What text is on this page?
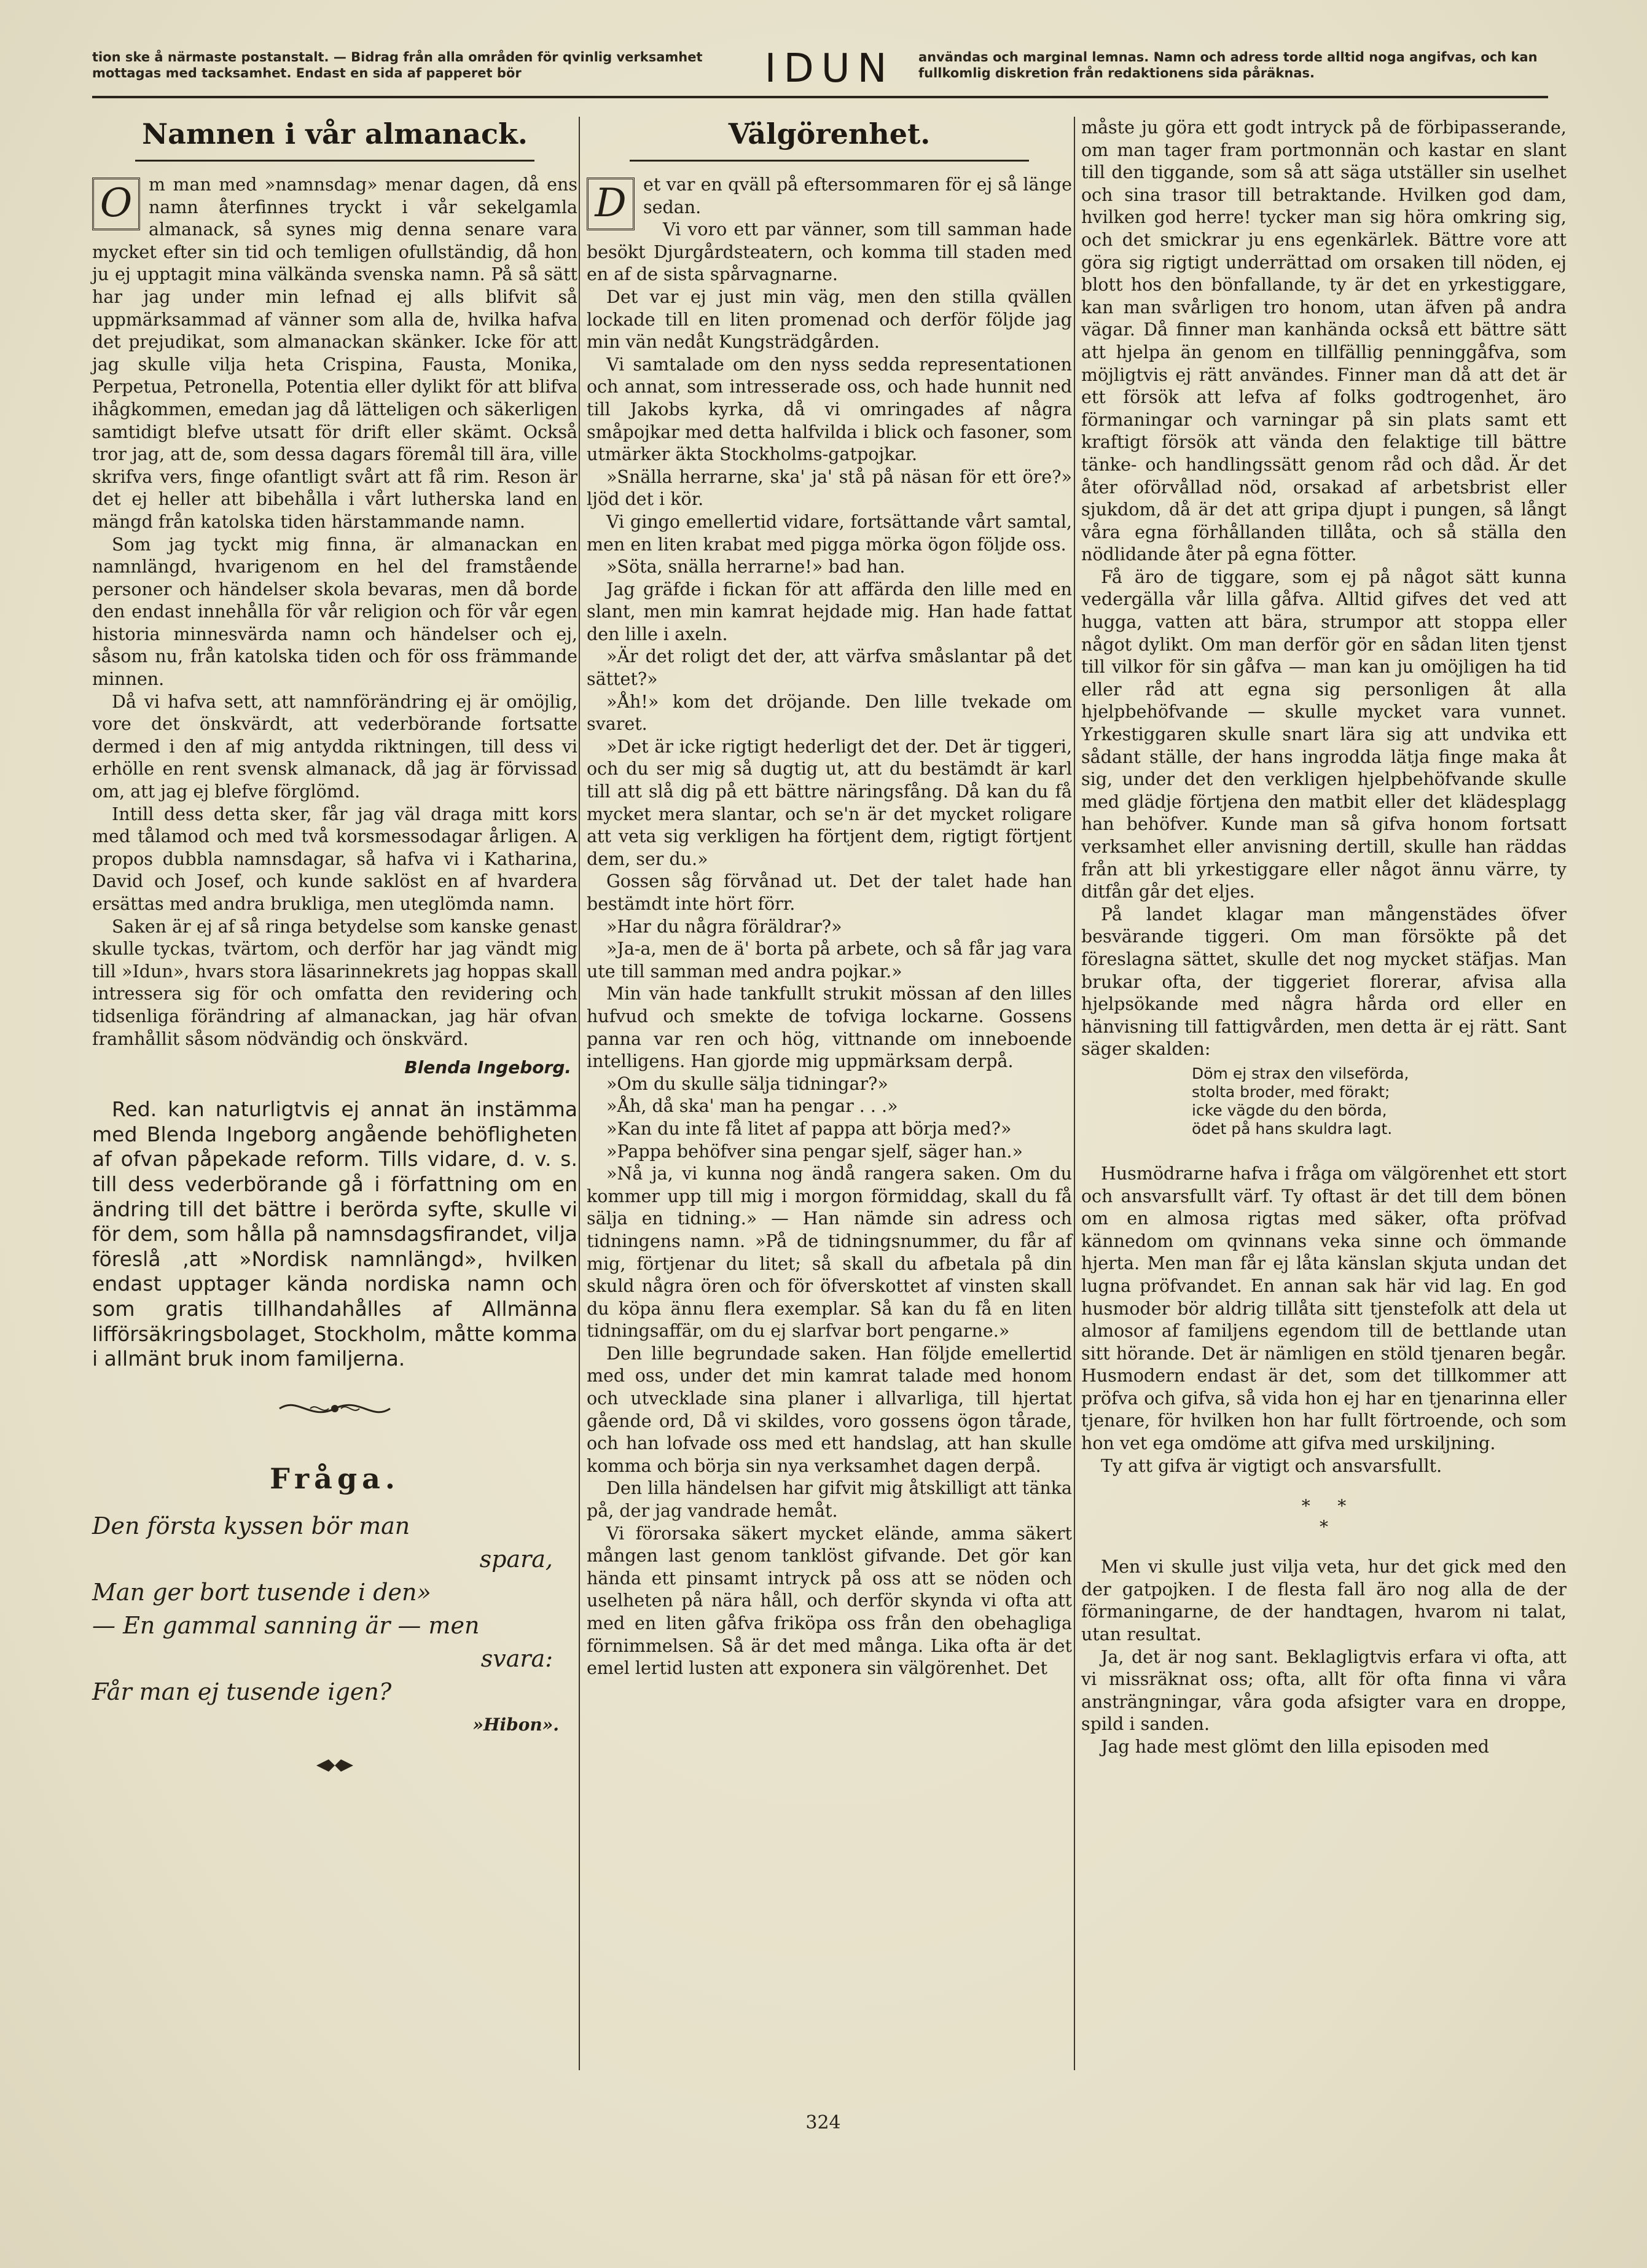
tion ske å närmaste postanstalt. — Bidrag från alla områden för qvinlig verksamhet mottagas med tacksamhet. Endast en sida af papperet bör	IDUN	användas och marginal lemnas. Namn och adress torde alltid noga angifvas, och kan fullkomlig diskretion från redaktionens sida påräknas.
Namnen i vår almanack.
O m man med »namnsdag» menar dagen, då ens namn återfinnes tryckt i vår sekelgamla almanack, så synes mig denna senare vara mycket efter sin tid och temligen ofullständig, då hon ju ej upptagit mina välkända svenska namn. På så sätt har jag under min lefnad ej alls blifvit så uppmärksammad af vänner som alla de, hvilka hafva det prejudikat, som almanackan skänker. Icke för att jag skulle vilja heta Crispina, Fausta, Monika, Perpetua, Petronella, Potentia eller dylikt för att blifva ihågkommen, emedan jag då lätteligen och säkerligen samtidigt blefve utsatt för drift eller skämt. Också tror jag, att de, som dessa dagars föremål till ära, ville skrifva vers, finge ofantligt svårt att få rim. Reson är det ej heller att bibehålla i vårt lutherska land en mängd från katolska tiden härstammande namn.

Som jag tyckt mig finna, är almanackan en namnlängd, hvarigenom en hel del framstående personer och händelser skola bevaras, men då borde den endast innehålla för vår religion och för vår egen historia minnesvärda namn och händelser och ej, såsom nu, från katolska tiden och för oss främmande minnen.

Då vi hafva sett, att namnförändring ej är omöjlig, vore det önskvärdt, att vederbörande fortsatte dermed i den af mig antydda riktningen, till dess vi erhölle en rent svensk almanack, då jag är förvissad om, att jag ej blefve förglömd.

Intill dess detta sker, får jag väl draga mitt kors med tålamod och med två korsmessodagar årligen. A propos dubbla namnsdagar, så hafva vi i Katharina, David och Josef, och kunde saklöst en af hvardera ersättas med andra brukliga, men uteglömda namn.

Saken är ej af så ringa betydelse som kanske genast skulle tyckas, tvärtom, och derför har jag vändt mig till »Idun», hvars stora läsarinnekrets jag hoppas skall intressera sig för och omfatta den revidering och tidsenliga förändring af almanackan, jag här ofvan framhållit såsom nödvändig och önskvärd.

Blenda Ingeborg.

Red. kan naturligtvis ej annat än instämma med Blenda Ingeborg angående behöfligheten af ofvan påpekade reform. Tills vidare, d. v. s. till dess vederbörande gå i författning om en ändring till det bättre i berörda syfte, skulle vi för dem, som hålla på namnsdagsfirandet, vilja föreslå ,att »Nordisk namnlängd», hvilken endast upptager kända nordiska namn och som gratis tillhandahålles af Allmänna lifförsäkringsbolaget, Stockholm, måtte komma i allmänt bruk inom familjerna.

Fråga.
Den första kyssen bör man
spara,
Man ger bort tusende i den»
— En gammal sanning är — men
svara:
Får man ej tusende igen?
»Hibon».
Välgörenhet.
D et var en qväll på eftersommaren för ej så länge sedan.

Vi voro ett par vänner, som till samman hade besökt Djurgårdsteatern, och komma till staden med en af de sista spårvagnarne.

Det var ej just min väg, men den stilla qvällen lockade till en liten promenad och derför följde jag min vän nedåt Kungsträdgården.

Vi samtalade om den nyss sedda representationen och annat, som intresserade oss, och hade hunnit ned till Jakobs kyrka, då vi omringades af några småpojkar med detta halfvilda i blick och fasoner, som utmärker äkta Stockholms-gatpojkar.

»Snälla herrarne, ska' ja' stå på näsan för ett öre?» ljöd det i kör.

Vi gingo emellertid vidare, fortsättande vårt samtal, men en liten krabat med pigga mörka ögon följde oss.

»Söta, snälla herrarne!» bad han.

Jag gräfde i fickan för att affärda den lille med en slant, men min kamrat hejdade mig. Han hade fattat den lille i axeln.

»Är det roligt det der, att värfva småslantar på det sättet?»

»Åh!» kom det dröjande. Den lille tvekade om svaret.

»Det är icke rigtigt hederligt det der. Det är tiggeri, och du ser mig så dugtig ut, att du bestämdt är karl till att slå dig på ett bättre näringsfång. Då kan du få mycket mera slantar, och se'n är det mycket roligare att veta sig verkligen ha förtjent dem, rigtigt förtjent dem, ser du.»

Gossen såg förvånad ut. Det der talet hade han bestämdt inte hört förr.

»Har du några föräldrar?»

»Ja-a, men de ä' borta på arbete, och så får jag vara ute till samman med andra pojkar.»

Min vän hade tankfullt strukit mössan af den lilles hufvud och smekte de tofviga lockarne. Gossens panna var ren och hög, vittnande om inneboende intelligens. Han gjorde mig uppmärksam derpå.

»Om du skulle sälja tidningar?»

»Åh, då ska' man ha pengar . . .»

»Kan du inte få litet af pappa att börja med?»

»Pappa behöfver sina pengar sjelf, säger han.»

»Nå ja, vi kunna nog ändå rangera saken. Om du kommer upp till mig i morgon förmiddag, skall du få sälja en tidning.» — Han nämde sin adress och tidningens namn. »På de tidningsnummer, du får af mig, förtjenar du litet; så skall du afbetala på din skuld några ören och för öfverskottet af vinsten skall du köpa ännu flera exemplar. Så kan du få en liten tidningsaffär, om du ej slarfvar bort pengarne.»

Den lille begrundade saken. Han följde emellertid med oss, under det min kamrat talade med honom och utvecklade sina planer i allvarliga, till hjertat gående ord, Då vi skildes, voro gossens ögon tårade, och han lofvade oss med ett handslag, att han skulle komma och börja sin nya verksamhet dagen derpå.

Den lilla händelsen har gifvit mig åtskilligt att tänka på, der jag vandrade hemåt.

Vi förorsaka säkert mycket elände, amma säkert mången last genom tanklöst gifvande. Det gör kan hända ett pinsamt intryck på oss att se nöden och uselheten på nära håll, och derför skynda vi ofta att med en liten gåfva friköpa oss från den obehagliga förnimmelsen. Så är det med många. Lika ofta är det emel lertid lusten att exponera sin välgörenhet. Det

måste ju göra ett godt intryck på de förbipasserande, om man tager fram portmonnän och kastar en slant till den tiggande, som så att säga utställer sin uselhet och sina trasor till betraktande. Hvilken god dam, hvilken god herre! tycker man sig höra omkring sig, och det smickrar ju ens egenkärlek. Bättre vore att göra sig rigtigt underrättad om orsaken till nöden, ej blott hos den bönfallande, ty är det en yrkestiggare, kan man svårligen tro honom, utan äfven på andra vägar. Då finner man kanhända också ett bättre sätt att hjelpa än genom en tillfällig penninggåfva, som möjligtvis ej rätt användes. Finner man då att det är ett försök att lefva af folks godtrogenhet, äro förmaningar och varningar på sin plats samt ett kraftigt försök att vända den felaktige till bättre tänke- och handlingssätt genom råd och dåd. Är det åter oförvållad nöd, orsakad af arbetsbrist eller sjukdom, då är det att gripa djupt i pungen, så långt våra egna förhållanden tillåta, och så ställa den nödlidande åter på egna fötter.

Få äro de tiggare, som ej på något sätt kunna vedergälla vår lilla gåfva. Alltid gifves det ved att hugga, vatten att bära, strumpor att stoppa eller något dylikt. Om man derför gör en sådan liten tjenst till vilkor för sin gåfva — man kan ju omöjligen ha tid eller råd att egna sig personligen åt alla hjelpbehöfvande — skulle mycket vara vunnet. Yrkestiggaren skulle snart lära sig att undvika ett sådant ställe, der hans ingrodda lätja finge maka åt sig, under det den verkligen hjelpbehöfvande skulle med glädje förtjena den matbit eller det klädesplagg han behöfver. Kunde man så gifva honom fortsatt verksamhet eller anvisning dertill, skulle han räddas från att bli yrkestiggare eller något ännu värre, ty ditfån går det eljes.

På landet klagar man mångenstädes öfver besvärande tiggeri. Om man försökte på det föreslagna sättet, skulle det nog mycket stäfjas. Man brukar ofta, der tiggeriet florerar, afvisa alla hjelpsökande med några hårda ord eller en hänvisning till fattigvården, men detta är ej rätt. Sant säger skalden:

Döm ej strax den vilseförda,
stolta broder, med förakt;
icke vägde du den börda,
ödet på hans skuldra lagt.

Husmödrarne hafva i fråga om välgörenhet ett stort och ansvarsfullt värf. Ty oftast är det till dem bönen om en almosa rigtas med säker, ofta pröfvad kännedom om qvinnans veka sinne och ömmande hjerta. Men man får ej låta känslan skjuta undan det lugna pröfvandet. En annan sak här vid lag. En god husmoder bör aldrig tillåta sitt tjenstefolk att dela ut almosor af familjens egendom till de bettlande utan sitt hörande. Det är nämligen en stöld tjenaren begår. Husmodern endast är det, som det tillkommer att pröfva och gifva, så vida hon ej har en tjenarinna eller tjenare, för hvilken hon har fullt förtroende, och som hon vet ega omdöme att gifva med urskiljning.

Ty att gifva är vigtigt och ansvarsfullt.

*     *
*

Men vi skulle just vilja veta, hur det gick med den der gatpojken. I de flesta fall äro nog alla de der förmaningarne, de der handtagen, hvarom ni talat, utan resultat.

Ja, det är nog sant. Beklagligtvis erfara vi ofta, att vi missräknat oss; ofta, allt för ofta finna vi våra ansträngningar, våra goda afsigter vara en droppe, spild i sanden.

Jag hade mest glömt den lilla episoden med

324
